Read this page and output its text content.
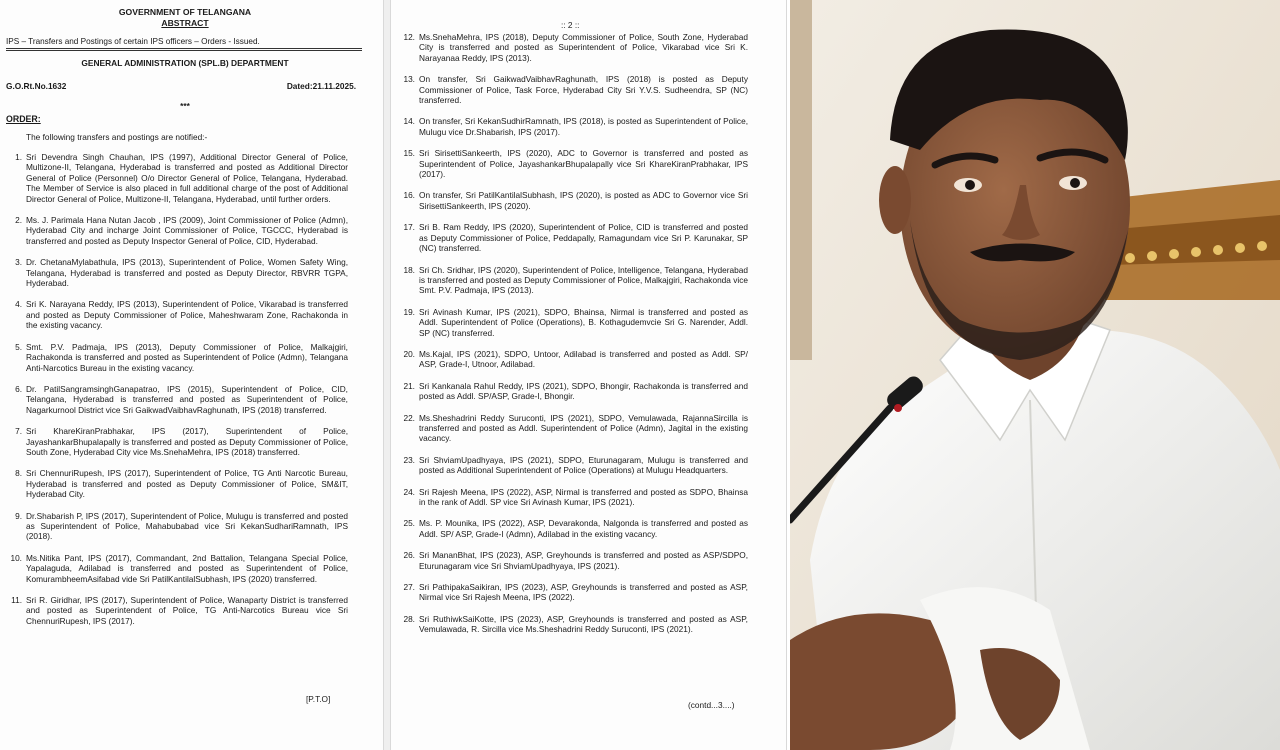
GOVERNMENT OF TELANGANA
ABSTRACT
IPS – Transfers and Postings of certain IPS officers – Orders - Issued.
GENERAL ADMINISTRATION (SPL.B) DEPARTMENT
G.O.Rt.No.1632	Dated:21.11.2025.
***
ORDER:
The following transfers and postings are notified:-
1. Sri Devendra Singh Chauhan, IPS (1997), Additional Director General of Police, Multizone-II, Telangana, Hyderabad is transferred and posted as Additional Director General of Police (Personnel) O/o Director General of Police, Telangana, Hyderabad. The Member of Service is also placed in full additional charge of the post of Additional Director General of Police, Multizone-II, Telangana, Hyderabad, until further orders.
2. Ms. J. Parimala Hana Nutan Jacob , IPS (2009), Joint Commissioner of Police (Admn), Hyderabad City and incharge Joint Commissioner of Police, TGCCC, Hyderabad is transferred and posted as Deputy Inspector General of Police, CID, Hyderabad.
3. Dr. ChetanaMylabathula, IPS (2013), Superintendent of Police, Women Safety Wing, Telangana, Hyderabad is transferred and posted as Deputy Director, RBVRR TGPA, Hyderabad.
4. Sri K. Narayana Reddy, IPS (2013), Superintendent of Police, Vikarabad is transferred and posted as Deputy Commissioner of Police, Maheshwaram Zone, Rachakonda in the existing vacancy.
5. Smt. P.V. Padmaja, IPS (2013), Deputy Commissioner of Police, Malkajgiri, Rachakonda is transferred and posted as Superintendent of Police (Admn), Telangana Anti-Narcotics Bureau in the existing vacancy.
6. Dr. PatilSangramsinghGanapatrao, IPS (2015), Superintendent of Police, CID, Telangana, Hyderabad is transferred and posted as Superintendent of Police, Nagarkurnool District vice Sri GaikwadVaibhavRaghunath, IPS (2018) transferred.
7. Sri KhareKiranPrabhakar, IPS (2017), Superintendent of Police, JayashankarBhupalapally is transferred and posted as Deputy Commissioner of Police, South Zone, Hyderabad City vice Ms.SnehaMehra, IPS (2018) transferred.
8. Sri ChennuriRupesh, IPS (2017), Superintendent of Police, TG Anti Narcotic Bureau, Hyderabad is transferred and posted as Deputy Commissioner of Police, SM&IT, Hyderabad City.
9. Dr.Shabarish P, IPS (2017), Superintendent of Police, Mulugu is transferred and posted as Superintendent of Police, Mahabubabad vice Sri KekanSudhariRamnath, IPS (2018).
10. Ms.Nitika Pant, IPS (2017), Commandant, 2nd Battalion, Telangana Special Police, Yapalaguda, Adilabad is transferred and posted as Superintendent of Police, KomurambheemAsifabad vide Sri PatilKantilalSubhash, IPS (2020) transferred.
11. Sri R. Giridhar, IPS (2017), Superintendent of Police, Wanaparty District is transferred and posted as Superintendent of Police, TG Anti-Narcotics Bureau vice Sri ChennuriRupesh, IPS (2017).
[P.T.O]
:: 2 ::
12. Ms.SnehaMehra, IPS (2018), Deputy Commissioner of Police, South Zone, Hyderabad City is transferred and posted as Superintendent of Police, Vikarabad vice Sri K. Narayanaa Reddy, IPS (2013).
13. On transfer, Sri GaikwadVaibhavRaghunath, IPS (2018) is posted as Deputy Commissioner of Police, Task Force, Hyderabad City Sri Y.V.S. Sudheendra, SP (NC) transferred.
14. On transfer, Sri KekanSudhirRamnath, IPS (2018), is posted as Superintendent of Police, Mulugu vice Dr.Shabarish, IPS (2017).
15. Sri SirisettiSankeerth, IPS (2020), ADC to Governor is transferred and posted as Superintendent of Police, JayashankarBhupalapally vice Sri KhareKiranPrabhakar, IPS (2017).
16. On transfer, Sri PatilKantilalSubhash, IPS (2020), is posted as ADC to Governor vice Sri SirisettiSankeerth, IPS (2020).
17. Sri B. Ram Reddy, IPS (2020), Superintendent of Police, CID is transferred and posted as Deputy Commissioner of Police, Peddapally, Ramagundam vice Sri P. Karunakar, SP (NC) transferred.
18. Sri Ch. Sridhar, IPS (2020), Superintendent of Police, Intelligence, Telangana, Hyderabad is transferred and posted as Deputy Commissioner of Police, Malkajgiri, Rachakonda vice Smt. P.V. Padmaja, IPS (2013).
19. Sri Avinash Kumar, IPS (2021), SDPO, Bhainsa, Nirmal is transferred and posted as Addl. Superintendent of Police (Operations), B. Kothagudemvcie Sri G. Narender, Addl. SP (NC) transferred.
20. Ms.Kajal, IPS (2021), SDPO, Untoor, Adilabad is transferred and posted as Addl. SP/ ASP, Grade-I, Utnoor, Adilabad.
21. Sri Kankanala Rahul Reddy, IPS (2021), SDPO, Bhongir, Rachakonda is transferred and posted as Addl. SP/ASP, Grade-I, Bhongir.
22. Ms.Sheshadrini Reddy Suruconti, IPS (2021), SDPO, Vemulawada, RajannaSircilla is transferred and posted as Addl. Superintendent of Police (Admn), Jagital in the existing vacancy.
23. Sri ShviamUpadhyaya, IPS (2021), SDPO, Eturunagaram, Mulugu is transferred and posted as Additional Superintendent of Police (Operations) at Mulugu Headquarters.
24. Sri Rajesh Meena, IPS (2022), ASP, Nirmal is transferred and posted as SDPO, Bhainsa in the rank of Addl. SP vice Sri Avinash Kumar, IPS (2021).
25. Ms. P. Mounika, IPS (2022), ASP, Devarakonda, Nalgonda is transferred and posted as Addl. SP/ ASP, Grade-I (Admn), Adilabad in the existing vacancy.
26. Sri MananBhat, IPS (2023), ASP, Greyhounds is transferred and posted as ASP/SDPO, Eturunagaram vice Sri ShviamUpadhyaya, IPS (2021).
27. Sri PathipakaSaikiran, IPS (2023), ASP, Greyhounds is transferred and posted as ASP, Nirmal vice Sri Rajesh Meena, IPS (2022).
28. Sri RuthiwkSaiKotte, IPS (2023), ASP, Greyhounds is transferred and posted as ASP, Vemulawada, R. Sircilla vice Ms.Sheshadrini Reddy Suruconti, IPS (2021).
(contd...3....)
